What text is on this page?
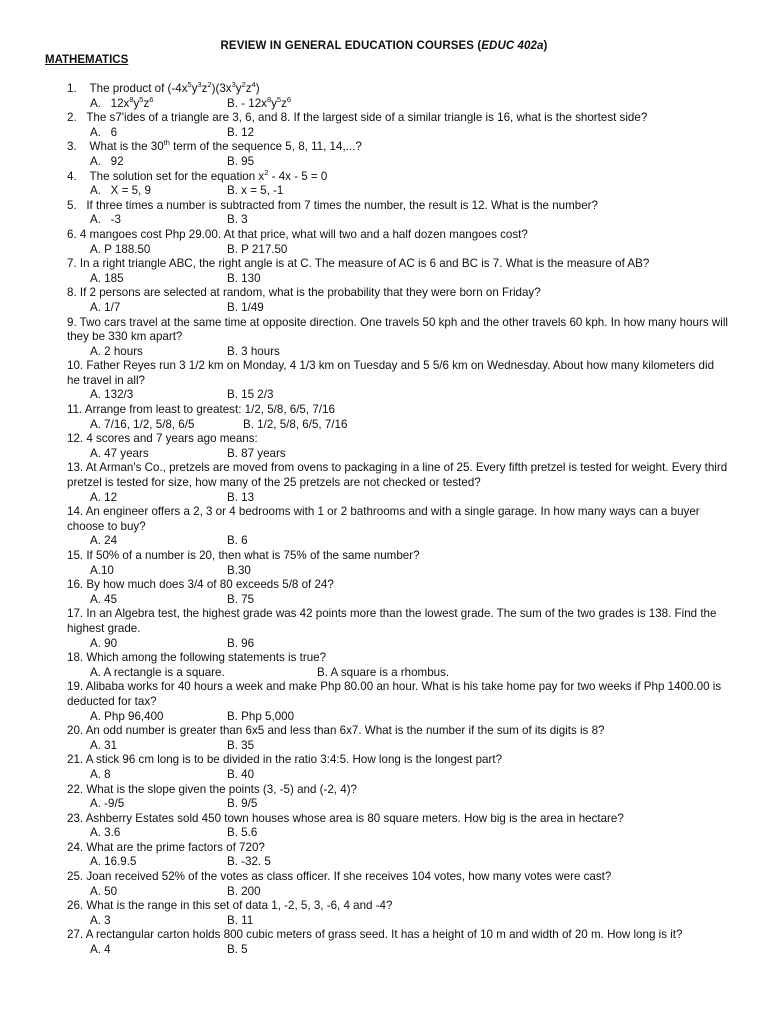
REVIEW IN GENERAL EDUCATION COURSES (EDUC 402a)
MATHEMATICS
1.    The product of $(-4x^5y^3z^2)(3x^3y^2z^4)$
A.   $12x^8y^5z^6$	B. - $12x^8y^5z^6$
2.   The s7'ides of a triangle are 3, 6, and 8. If the largest side of a similar triangle is 16, what is the shortest side?
A.   6	B. 12
3.    What is the 30th term of the sequence 5, 8, 11, 14,...?
A.   92	B. 95
4.    The solution set for the equation $x^2 - 4x - 5 = 0$
A.   X = 5, 9	B. x = 5, -1
5.   If three times a number is subtracted from 7 times the number, the result is 12. What is the number?
A.   -3	B. 3
6. 4 mangoes cost Php 29.00. At that price, what will two and a half dozen mangoes cost?
A. P 188.50	B. P 217.50
7. In a right triangle ABC, the right angle is at C. The measure of AC is 6 and BC is 7. What is the measure of AB?
A. 185	B. 130
8. If 2 persons are selected at random, what is the probability that they were born on Friday?
A. 1/7	B. 1/49
9. Two cars travel at the same time at opposite direction. One travels 50 kph and the other travels 60 kph. In how many hours will they be 330 km apart?
A. 2 hours	B. 3 hours
10. Father Reyes run 3 1/2 km on Monday, 4 1/3 km on Tuesday and 5 5/6 km on Wednesday. About how many kilometers did he travel in all?
A. 132/3	B. 15 2/3
11. Arrange from least to greatest: 1/2, 5/8, 6/5, 7/16
A. 7/16, 1/2, 5/8, 6/5	B. 1/2, 5/8, 6/5, 7/16
12. 4 scores and 7 years ago means:
A. 47 years	B. 87 years
13. At Arman's Co., pretzels are moved from ovens to packaging in a line of 25. Every fifth pretzel is tested for weight. Every third pretzel is tested for size, how many of the 25 pretzels are not checked or tested?
A. 12	B. 13
14. An engineer offers a 2, 3 or 4 bedrooms with 1 or 2 bathrooms and with a single garage. In how many ways can a buyer choose to buy?
A. 24	B. 6
15. If 50% of a number is 20, then what is 75% of the same number?
A.10	B.30
16. By how much does 3/4 of 80 exceeds 5/8 of 24?
A. 45	B. 75
17. In an Algebra test, the highest grade was 42 points more than the lowest grade. The sum of the two grades is 138. Find the highest grade.
A. 90	B. 96
18. Which among the following statements is true?
A. A rectangle is a square.	B. A square is a rhombus.
19. Alibaba works for 40 hours a week and make Php 80.00 an hour. What is his take home pay for two weeks if Php 1400.00 is deducted for tax?
A. Php 96,400	B. Php 5,000
20. An odd number is greater than 6x5 and less than 6x7. What is the number if the sum of its digits is 8?
A. 31	B. 35
21. A stick 96 cm long is to be divided in the ratio 3:4:5. How long is the longest part?
A. 8	B. 40
22. What is the slope given the points (3, -5) and (-2, 4)?
A. -9/5	B. 9/5
23. Ashberry Estates sold 450 town houses whose area is 80 square meters. How big is the area in hectare?
A. 3.6	B. 5.6
24. What are the prime factors of 720?
A. 16.9.5	B. -32. 5
25. Joan received 52% of the votes as class officer. If she receives 104 votes, how many votes were cast?
A. 50	B. 200
26. What is the range in this set of data 1, -2, 5, 3, -6, 4 and -4?
A. 3	B. 11
27. A rectangular carton holds 800 cubic meters of grass seed. It has a height of 10 m and width of 20 m. How long is it?
A. 4	B. 5
